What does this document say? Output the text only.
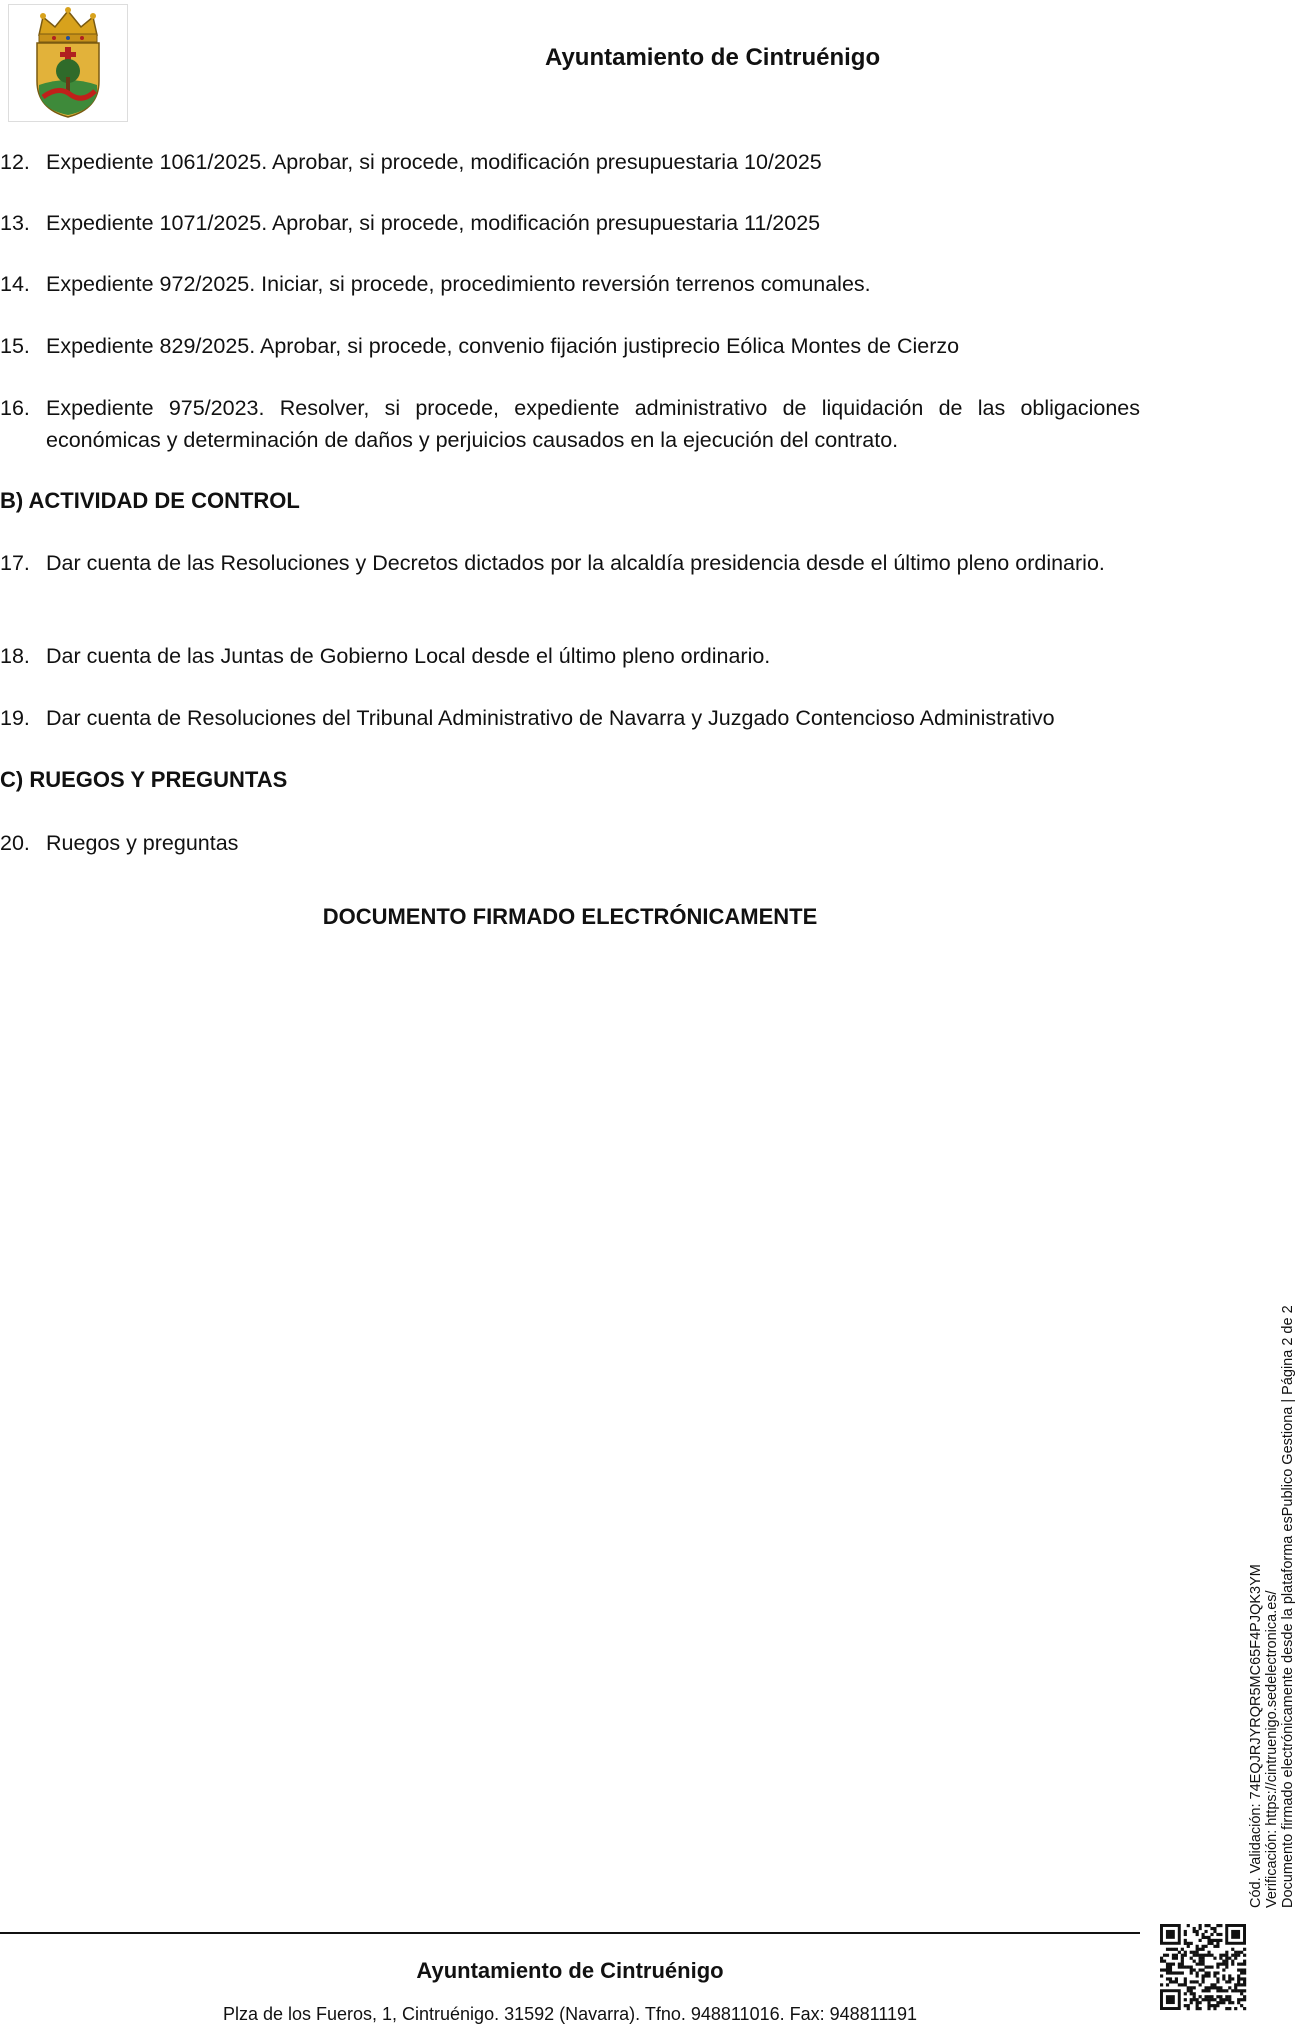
Ayuntamiento de Cintruénigo
12. Expediente 1061/2025. Aprobar, si procede, modificación presupuestaria 10/2025
13. Expediente 1071/2025. Aprobar, si procede, modificación presupuestaria 11/2025
14. Expediente 972/2025. Iniciar, si procede, procedimiento reversión terrenos comunales.
15. Expediente 829/2025. Aprobar, si procede, convenio fijación justiprecio Eólica Montes de Cierzo
16. Expediente 975/2023. Resolver, si procede, expediente administrativo de liquidación de las obligaciones económicas y determinación de daños y perjuicios causados en la ejecución del contrato.
B) ACTIVIDAD DE CONTROL
17. Dar cuenta de las Resoluciones y Decretos dictados por la alcaldía presidencia desde el último pleno ordinario.
18. Dar cuenta de las Juntas de Gobierno Local desde el último pleno ordinario.
19. Dar cuenta de Resoluciones del Tribunal Administrativo de Navarra y Juzgado Contencioso Administrativo
C) RUEGOS Y PREGUNTAS
20. Ruegos y preguntas
DOCUMENTO FIRMADO ELECTRÓNICAMENTE
Cód. Validación: 74EQJRJYRQR5MC65F4PJQK3YM Verificación: https://cintruenigo.sedelectronica.es/ Documento firmado electrónicamente desde la plataforma esPublico Gestiona | Página 2 de 2
Ayuntamiento de Cintruénigo
Plza de los Fueros, 1, Cintruénigo. 31592 (Navarra). Tfno. 948811016. Fax: 948811191
